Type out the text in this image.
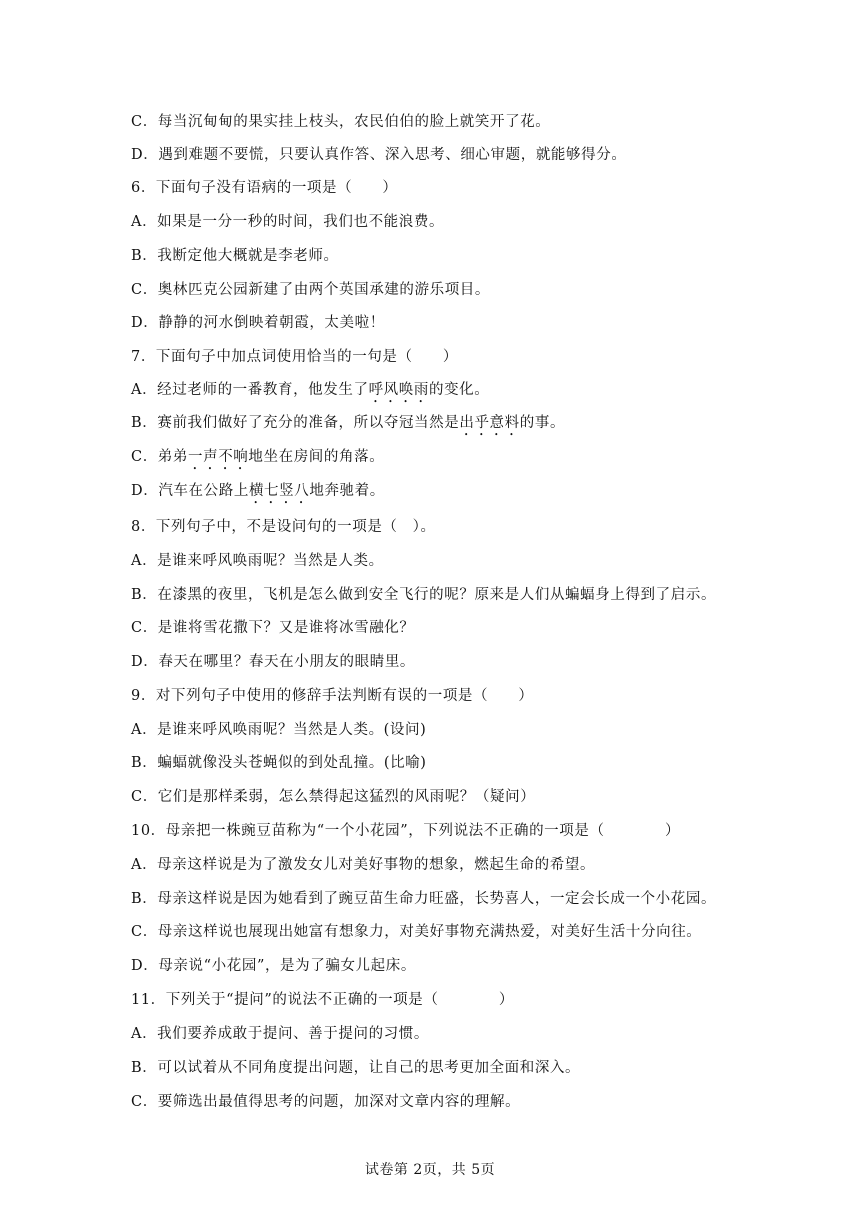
C．每当沉甸甸的果实挂上枝头，农民伯伯的脸上就笑开了花。
D．遇到难题不要慌，只要认真作答、深入思考、细心审题，就能够得分。
6．下面句子没有语病的一项是（　　）
A．如果是一分一秒的时间，我们也不能浪费。
B．我断定他大概就是李老师。
C．奥林匹克公园新建了由两个英国承建的游乐项目。
D．静静的河水倒映着朝霞，太美啦！
7．下面句子中加点词使用恰当的一句是（　　）
A．经过老师的一番教育，他发生了呼风唤雨的变化。
B．赛前我们做好了充分的准备，所以夺冠当然是出乎意料的事。
C．弟弟一声不响地坐在房间的角落。
D．汽车在公路上横七竖八地奔驰着。
8．下列句子中，不是设问句的一项是（　）。
A．是谁来呼风唤雨呢？当然是人类。
B．在漆黑的夜里，飞机是怎么做到安全飞行的呢？原来是人们从蝙蝠身上得到了启示。
C．是谁将雪花撒下？又是谁将冰雪融化？
D．春天在哪里？春天在小朋友的眼睛里。
9．对下列句子中使用的修辞手法判断有误的一项是（　　）
A．是谁来呼风唤雨呢？当然是人类。(设问)
B．蝙蝠就像没头苍蝇似的到处乱撞。(比喻)
C．它们是那样柔弱，怎么禁得起这猛烈的风雨呢？（疑问）
10．母亲把一株豌豆苗称为“一个小花园”，下列说法不正确的一项是（　　　　）
A．母亲这样说是为了激发女儿对美好事物的想象，燃起生命的希望。
B．母亲这样说是因为她看到了豌豆苗生命力旺盛，长势喜人，一定会长成一个小花园。
C．母亲这样说也展现出她富有想象力，对美好事物充满热爱，对美好生活十分向往。
D．母亲说“小花园”，是为了骗女儿起床。
11．下列关于“提问”的说法不正确的一项是（　　　　）
A．我们要养成敢于提问、善于提问的习惯。
B．可以试着从不同角度提出问题，让自己的思考更加全面和深入。
C．要筛选出最值得思考的问题，加深对文章内容的理解。
试卷第 2页，共 5页
